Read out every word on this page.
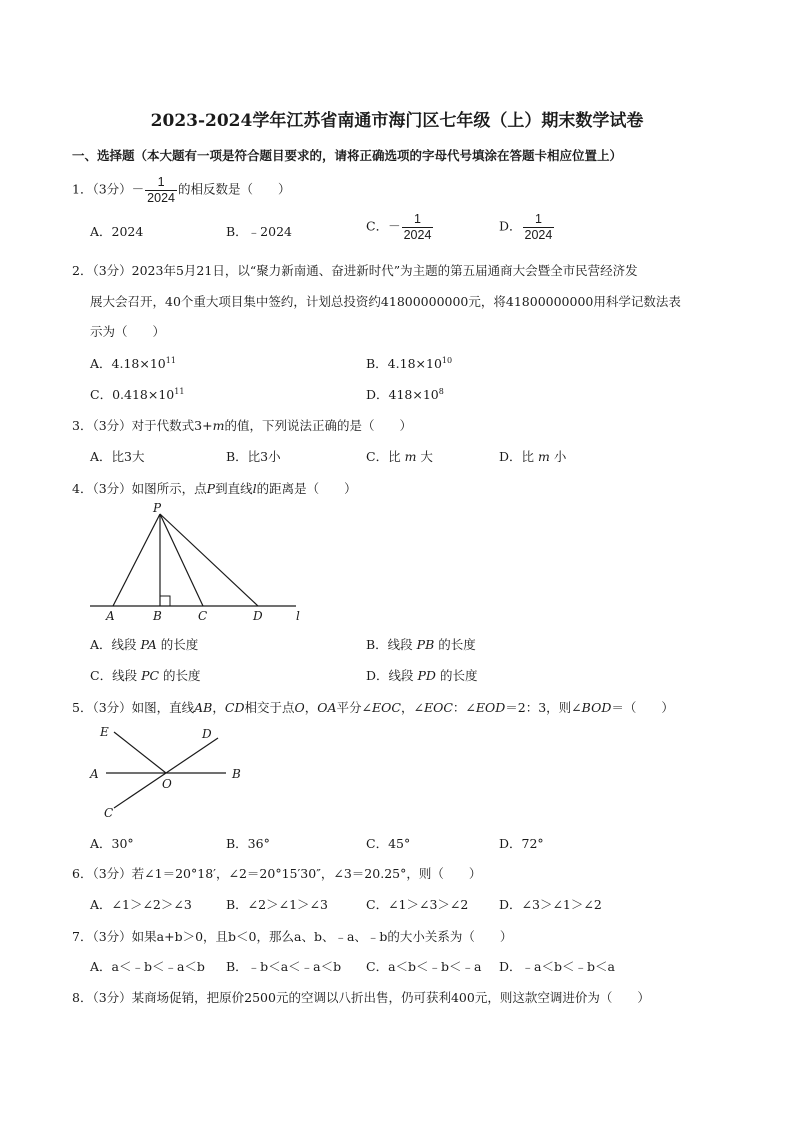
2023-2024学年江苏省南通市海门区七年级（上）期末数学试卷
一、选择题（本大题有一项是符合题目要求的，请将正确选项的字母代号填涂在答题卡相应位置上）
1．（3分）－ $\frac{1}{2024}$ 的相反数是（　　）
A．2024	B．﹣2024	C．－ $\frac{1}{2024}$	D． $\frac{1}{2024}$
2．（3分）2023年5月21日，以“聚力新南通、奋进新时代”为主题的第五届通商大会暨全市民营经济发
展大会召开，40个重大项目集中签约，计划总投资约41800000000元，将41800000000用科学记数法表
示为（　　）
A．$4.18\times 10^{11}$	B．$4.18\times 10^{10}$
C．$0.418\times 10^{11}$	D．$418\times 10^8$
3．（3分）对于代数式3+m的值，下列说法正确的是（　　）
A．比3大	B．比3小	C．比 m 大	D．比 m 小
4．（3分）如图所示，点P到直线l的距离是（　　）
P
A	B	C	D	l
A．线段 PA 的长度	B．线段 PB 的长度
C．线段 PC 的长度	D．线段 PD 的长度
5．（3分）如图，直线AB，CD相交于点O，OA平分∠EOC，∠EOC：∠EOD＝2：3，则∠BOD＝（　　）
E	D
A
O
B
C
A．30°	B．36°	C．45°	D．72°
6．（3分）若∠1＝20°18′，∠2＝20°15′30″，∠3＝20.25°，则（　　）
A．∠1＞∠2＞∠3	B．∠2＞∠1＞∠3	C．∠1＞∠3＞∠2 D．∠3＞∠1＞∠2
7．（3分）如果a+b＞0，且b＜0，那么a、b、﹣a、﹣b的大小关系为（　　）
A．a＜﹣b＜﹣a＜b B．﹣b＜a＜﹣a＜b C．a＜b＜﹣b＜﹣a D．﹣a＜b＜﹣b＜a
8．（3分）某商场促销，把原价2500元的空调以八折出售，仍可获利400元，则这款空调进价为（　　）
